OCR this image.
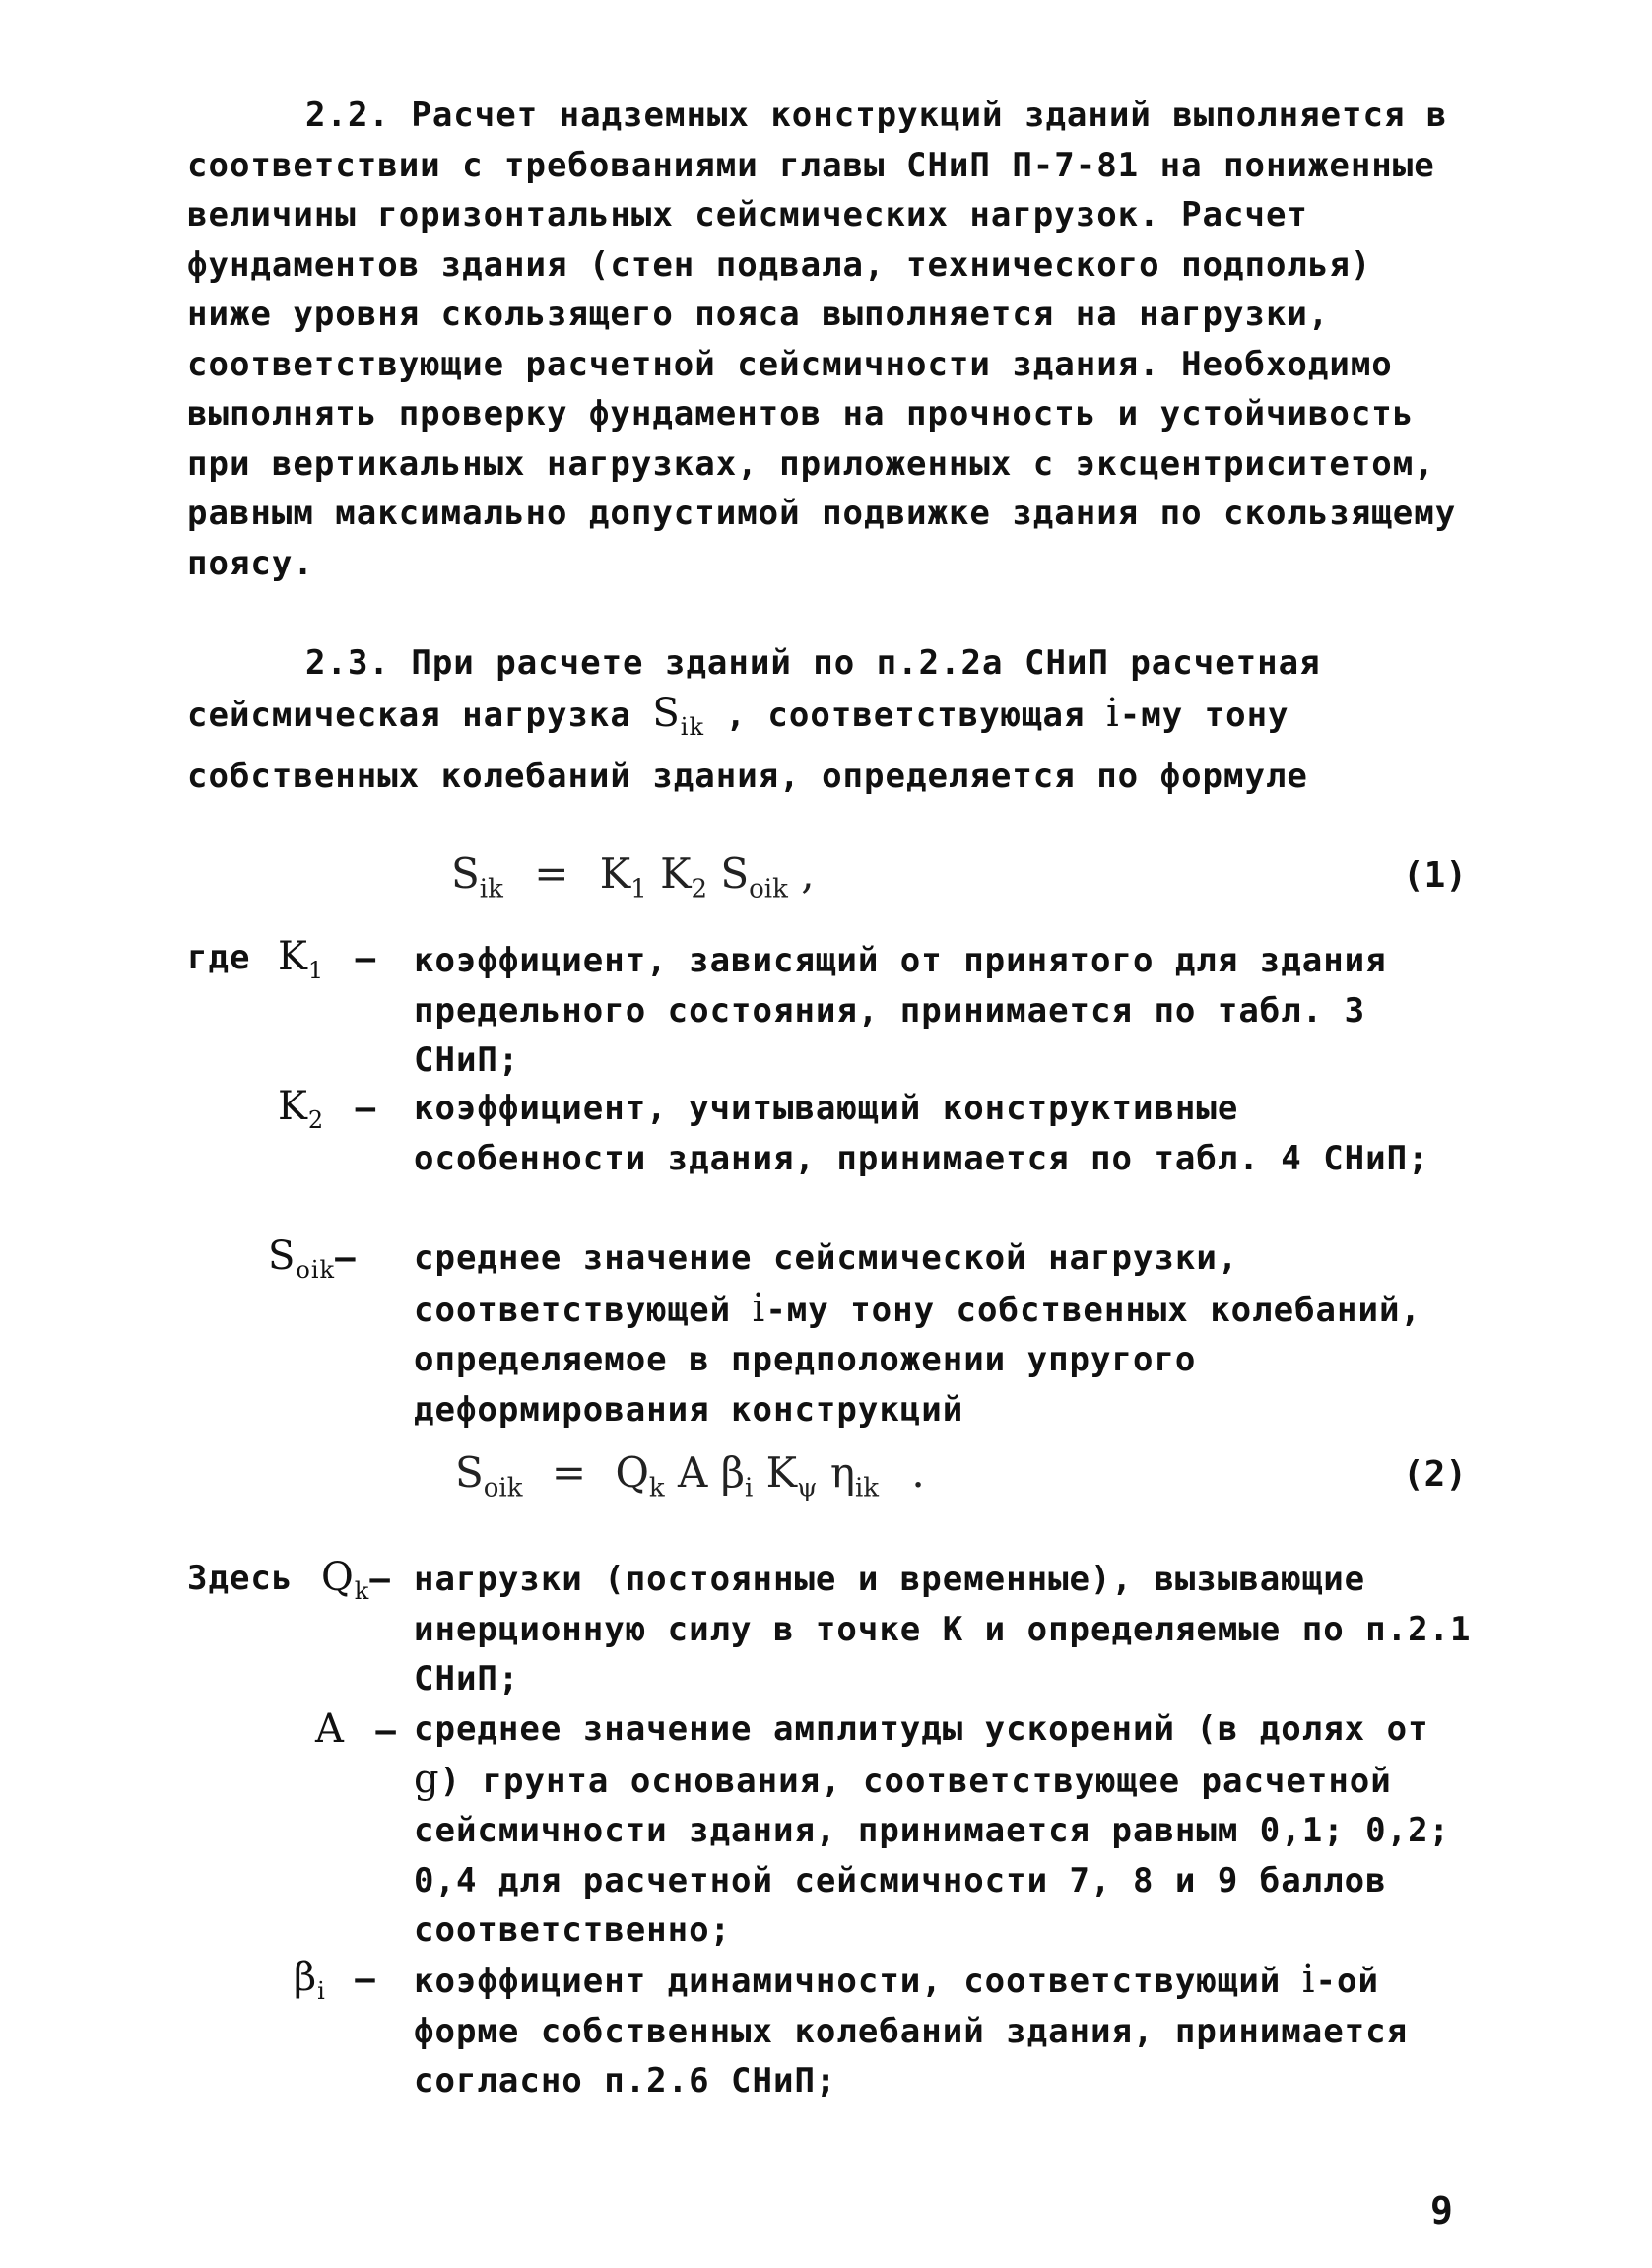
2.2. Расчет надземных конструкций зданий выполняется в соответствии с требованиями главы СНиП П-7-81 на пониженные величины горизонтальных сейсмических нагрузок. Расчет фундаментов здания (стен подвала, технического подполья) ниже уровня скользящего пояса выполняется на нагрузки, соответствующие расчетной сейсмичности здания. Необходимо выполнять проверку фундаментов на прочность и устойчивость при вертикальных нагрузках, приложенных с эксцентриситетом, равным максимально допустимой подвижке здания по скользящему поясу.

2.3. При расчете зданий по п.2.2а СНиП расчетная сейсмическая нагрузка $S_{ik}$ , соответствующая i-му тону собственных колебаний здания, определяется по формуле

$S_{ik} = K_1$ $K_2$ $S_{oik}$ ,	(1)
где $K_1$ – коэффициент, зависящий от принятого для здания предельного состояния, принимается по табл. 3 СНиП;

$K_2$ – коэффициент, учитывающий конструктивные особенности здания, принимается по табл. 4 СНиП;

$S_{oik}-$ среднее значение сейсмической нагрузки, соответствующей i-му тону собственных колебаний, определяемое в предположении упругого деформирования конструкций

$S_{oik} = Q_k$ A $\beta_i$ $K_\psi$ $\eta_{ik}$ .	(2)
Здесь $Q_k-$ нагрузки (постоянные и временные), вызывающие инерционную силу в точке К и определяемые по п.2.1 СНиП;

A – среднее значение амплитуды ускорений (в долях от g) грунта основания, соответствующее расчетной сейсмичности здания, принимается равным 0,1; 0,2; 0,4 для расчетной сейсмичности 7, 8 и 9 баллов соответственно;

$\beta_i$ – коэффициент динамичности, соответствующий i-ой форме собственных колебаний здания, принимается согласно п.2.6 СНиП;

9
